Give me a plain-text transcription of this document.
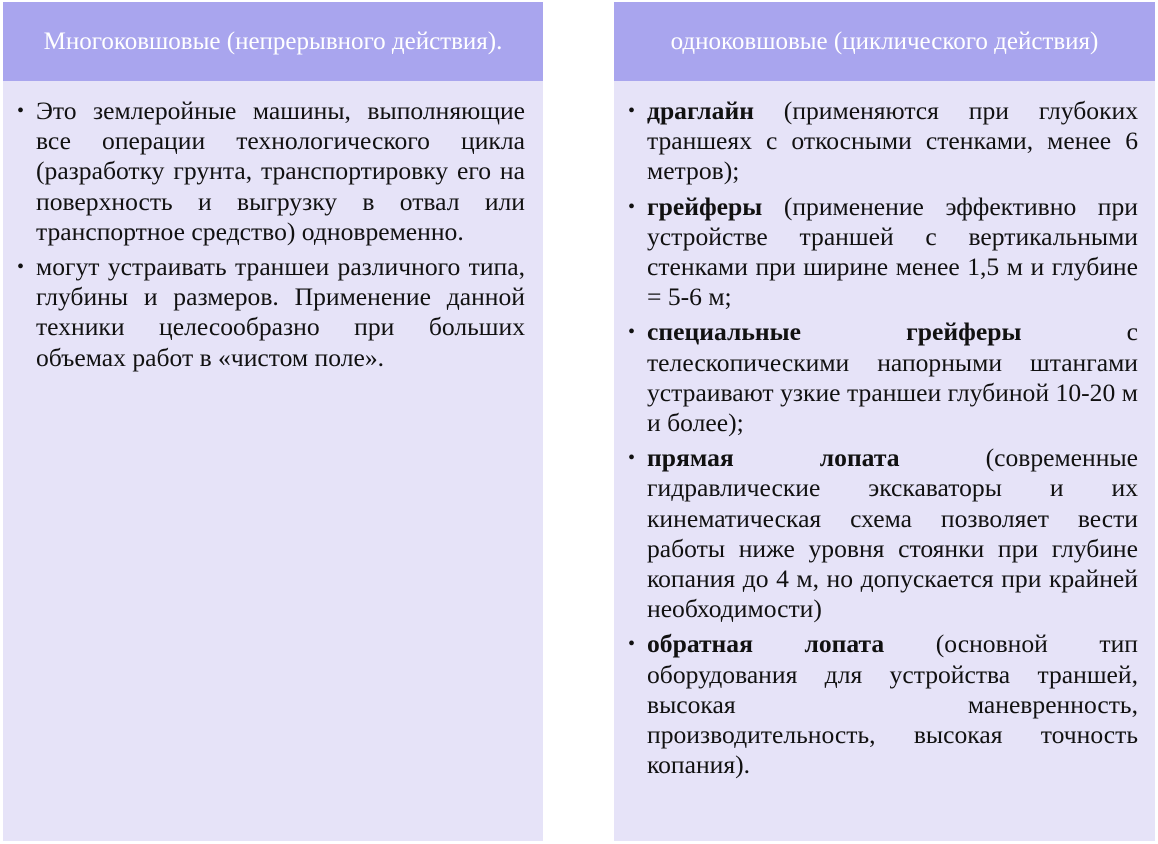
Многоковшовые (непрерывного действия).
• Это землеройные машины, выполняющие все операции технологического цикла (разработку грунта, транспортировку его на поверхность и выгрузку в отвал или транспортное средство) одновременно.
• могут устраивать траншеи различного типа, глубины и размеров. Применение данной техники целесообразно при больших объемах работ в «чистом поле».
одноковшовые (циклического действия)
• драглайн (применяются при глубоких траншеях с откосными стенками, менее 6 метров);
• грейферы (применение эффективно при устройстве траншей с вертикальными стенками при ширине менее 1,5 м и глубине = 5-6 м;
• специальные грейферы с телескопическими напорными штангами устраивают узкие траншеи глубиной 10-20 м и более);
• прямая лопата (современные гидравлические экскаваторы и их кинематическая схема позволяет вести работы ниже уровня стоянки при глубине копания до 4 м, но допускается при крайней необходимости)
• обратная лопата (основной тип оборудования для устройства траншей, высокая маневренность, производительность, высокая точность копания).
